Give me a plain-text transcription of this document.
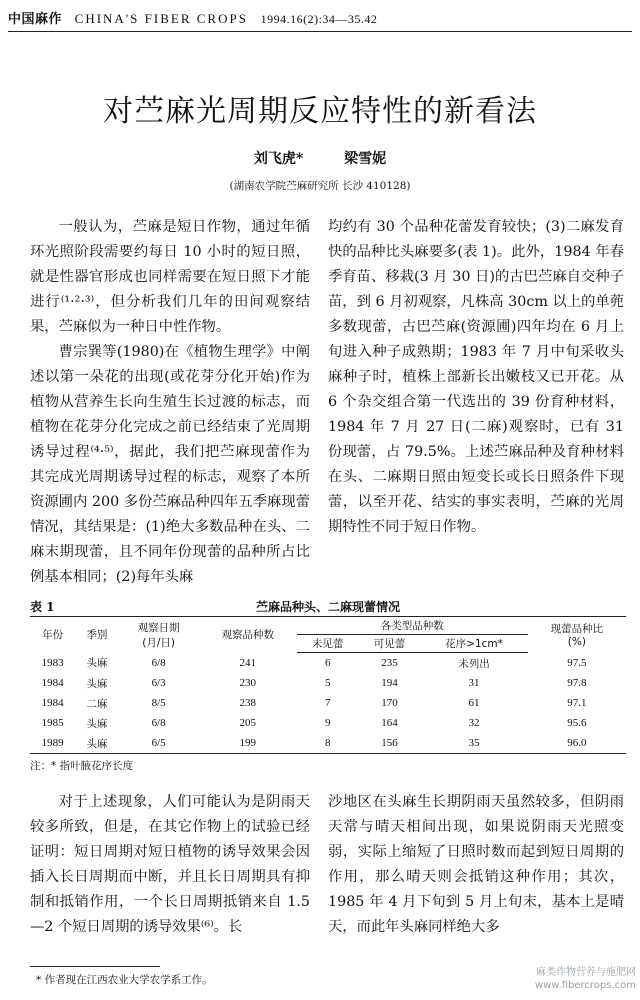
中国麻作 CHINA'S FIBER CROPS 1994.16(2):34—35.42
对苎麻光周期反应特性的新看法
刘飞虎*	梁雪妮
(湖南农学院苎麻研究所 长沙 410128)

一般认为，苎麻是短日作物，通过年循环光照阶段需要约每日 10 小时的短日照，就是性器官形成也同样需要在短日照下才能进行⁽¹·²·³⁾，但分析我们几年的田间观察结果，苎麻似为一种日中性作物。

曹宗巽等(1980)在《植物生理学》中阐述以第一朵花的出现(或花芽分化开始)作为植物从营养生长向生殖生长过渡的标志，而植物在花芽分化完成之前已经结束了光周期诱导过程⁽⁴·⁵⁾，据此，我们把苎麻现蕾作为其完成光周期诱导过程的标志，观察了本所资源圃内 200 多份苎麻品种四年五季麻现蕾情况，其结果是：(1)绝大多数品种在头、二麻末期现蕾，且不同年份现蕾的品种所占比例基本相同；(2)每年头麻

均约有 30 个品种花蕾发育较快；(3)二麻发育快的品种比头麻要多(表 1)。此外，1984 年春季育苗、移栽(3 月 30 日)的古巴苎麻自交种子苗，到 6 月初观察，凡株高 30cm 以上的单蔸多数现蕾，古巴苎麻(资源圃)四年均在 6 月上旬进入种子成熟期；1983 年 7 月中旬采收头麻种子时，植株上部新长出嫩枝又已开花。从 6 个杂交组合第一代选出的 39 份育种材料，1984 年 7 月 27 日(二麻)观察时，已有 31 份现蕾，占 79.5%。上述苎麻品种及育种材料在头、二麻期日照由短变长或长日照条件下现蕾，以至开花、结实的事实表明，苎麻的光周期特性不同于短日作物。

表 1	苎麻品种头、二麻现蕾情况
年份	季别	观察日期
(月/日)	观察品种数	各类型品种数			现蕾品种比
(%)
				未见蕾	可见蕾	花序>1cm*	
1983	头麻	6/8	241	6	235	未列出	97.5
1984	头麻	6/3	230	5	194	31	97.8
1984	二麻	8/5	238	7	170	61	97.1
1985	头麻	6/8	205	9	164	32	95.6
1989	头麻	6/5	199	8	156	35	96.0
注：* 指叶腋花序长度

对于上述现象，人们可能认为是阴雨天较多所致，但是，在其它作物上的试验已经证明：短日周期对短日植物的诱导效果会因插入长日周期而中断，并且长日周期具有抑制和抵销作用，一个长日周期抵销来自 1.5—2 个短日周期的诱导效果⁽⁶⁾。长

沙地区在头麻生长期阴雨天虽然较多，但阴雨天常与晴天相间出现，如果说阴雨天光照变弱，实际上缩短了日照时数而起到短日周期的作用，那么晴天则会抵销这种作用；其次，1985 年 4 月下旬到 5 月上旬末，基本上是晴天，而此年头麻同样绝大多

* 作者现在江西农业大学农学系工作。
麻类作物营养与施肥网
www.fibercrops.com
